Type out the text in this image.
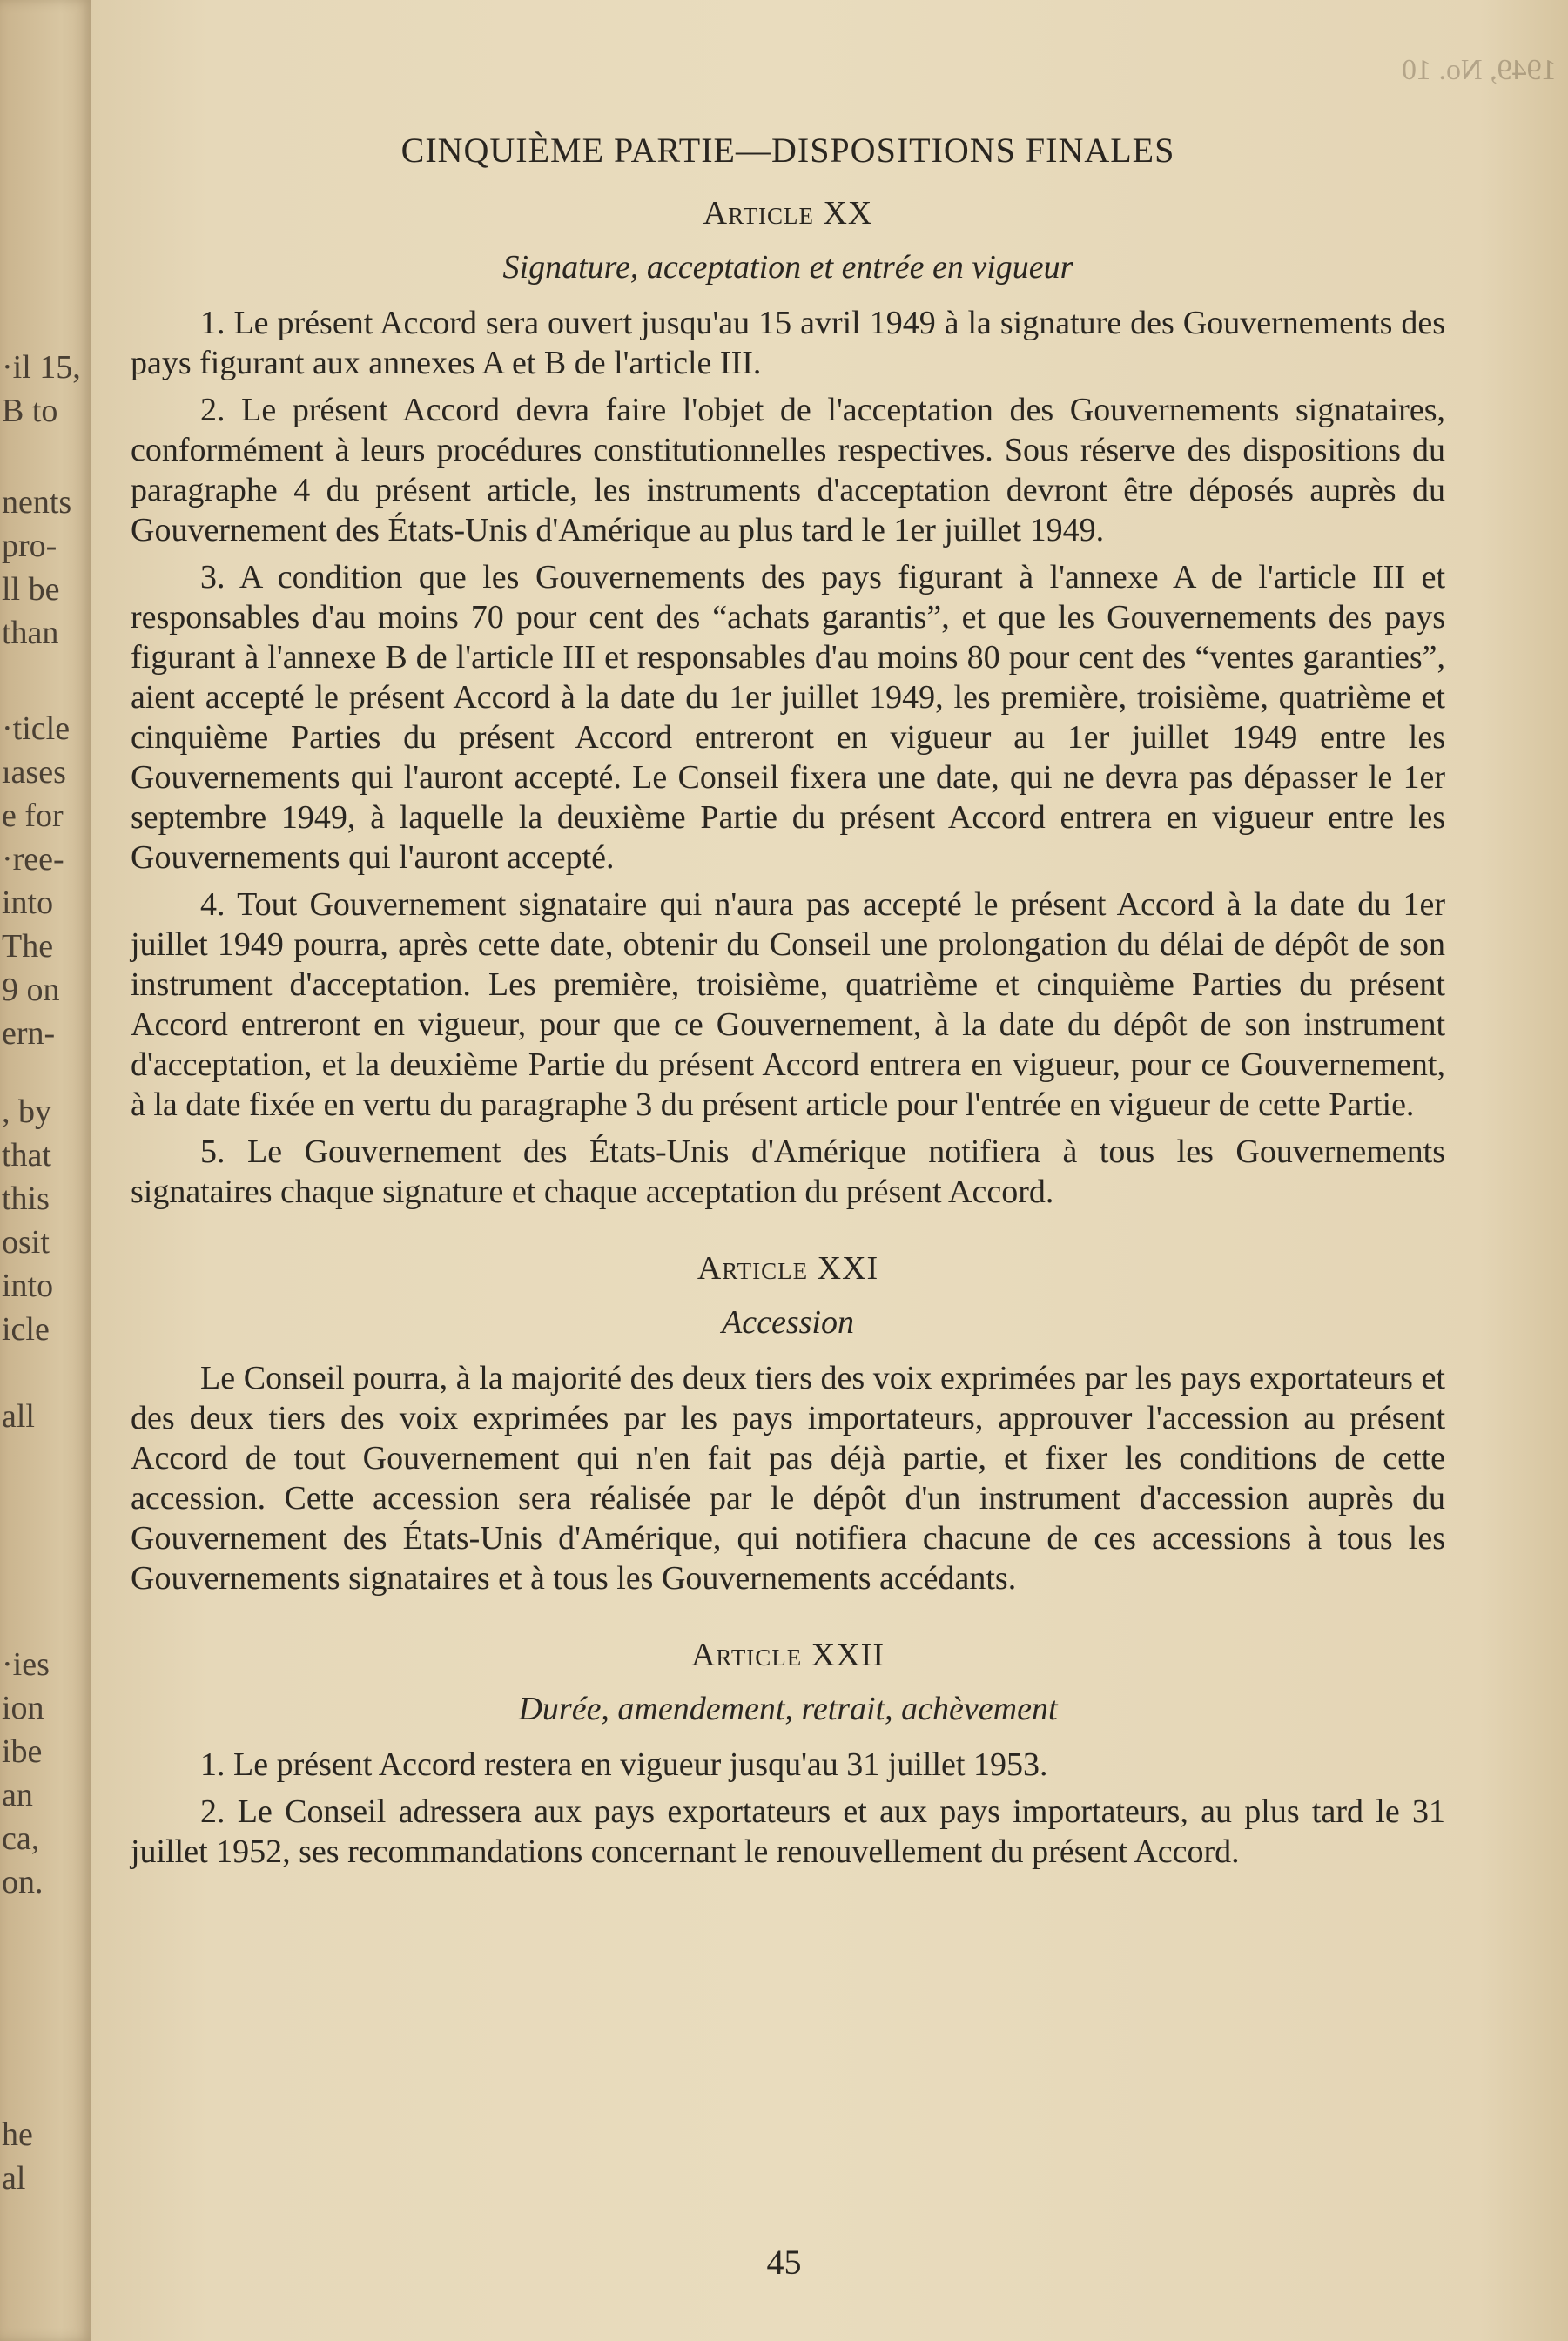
·il 15,
B to
nents
pro-
ll be
than
·ticle
ıases
e for
·ree-
into
The
9 on
ern-
, by
that
this
osit
into
icle
all
·ies
ion
ibe
an
ca,
on.
he
al
1949, No. 10
CINQUIÈME PARTIE—DISPOSITIONS FINALES
Article XX
Signature, acceptation et entrée en vigueur

1. Le présent Accord sera ouvert jusqu'au 15 avril 1949 à la signature des Gouvernements des pays figurant aux annexes A et B de l'article III.

2. Le présent Accord devra faire l'objet de l'acceptation des Gouvernements signataires, conformément à leurs procédures constitutionnelles respectives. Sous réserve des dispositions du paragraphe 4 du présent article, les instruments d'acceptation devront être déposés auprès du Gouvernement des États-Unis d'Amérique au plus tard le 1er juillet 1949.

3. A condition que les Gouvernements des pays figurant à l'annexe A de l'article III et responsables d'au moins 70 pour cent des “achats garantis”, et que les Gouvernements des pays figurant à l'annexe B de l'article III et responsables d'au moins 80 pour cent des “ventes garanties”, aient accepté le présent Accord à la date du 1er juillet 1949, les première, troisième, quatrième et cinquième Parties du présent Accord entreront en vigueur au 1er juillet 1949 entre les Gouvernements qui l'auront accepté. Le Conseil fixera une date, qui ne devra pas dépasser le 1er septembre 1949, à laquelle la deuxième Partie du présent Accord entrera en vigueur entre les Gouvernements qui l'auront accepté.

4. Tout Gouvernement signataire qui n'aura pas accepté le présent Accord à la date du 1er juillet 1949 pourra, après cette date, obtenir du Conseil une prolongation du délai de dépôt de son instrument d'acceptation. Les première, troisième, quatrième et cinquième Parties du présent Accord entreront en vigueur, pour que ce Gouvernement, à la date du dépôt de son instrument d'acceptation, et la deuxième Partie du présent Accord entrera en vigueur, pour ce Gouvernement, à la date fixée en vertu du paragraphe 3 du présent article pour l'entrée en vigueur de cette Partie.

5. Le Gouvernement des États-Unis d'Amérique notifiera à tous les Gouvernements signataires chaque signature et chaque acceptation du présent Accord.

Article XXI
Accession

Le Conseil pourra, à la majorité des deux tiers des voix exprimées par les pays exportateurs et des deux tiers des voix exprimées par les pays importateurs, approuver l'accession au présent Accord de tout Gouvernement qui n'en fait pas déjà partie, et fixer les conditions de cette accession. Cette accession sera réalisée par le dépôt d'un instrument d'accession auprès du Gouvernement des États-Unis d'Amérique, qui notifiera chacune de ces accessions à tous les Gouvernements signataires et à tous les Gouvernements accédants.

Article XXII
Durée, amendement, retrait, achèvement

1. Le présent Accord restera en vigueur jusqu'au 31 juillet 1953.

2. Le Conseil adressera aux pays exportateurs et aux pays importateurs, au plus tard le 31 juillet 1952, ses recommandations concernant le renouvellement du présent Accord.

45
